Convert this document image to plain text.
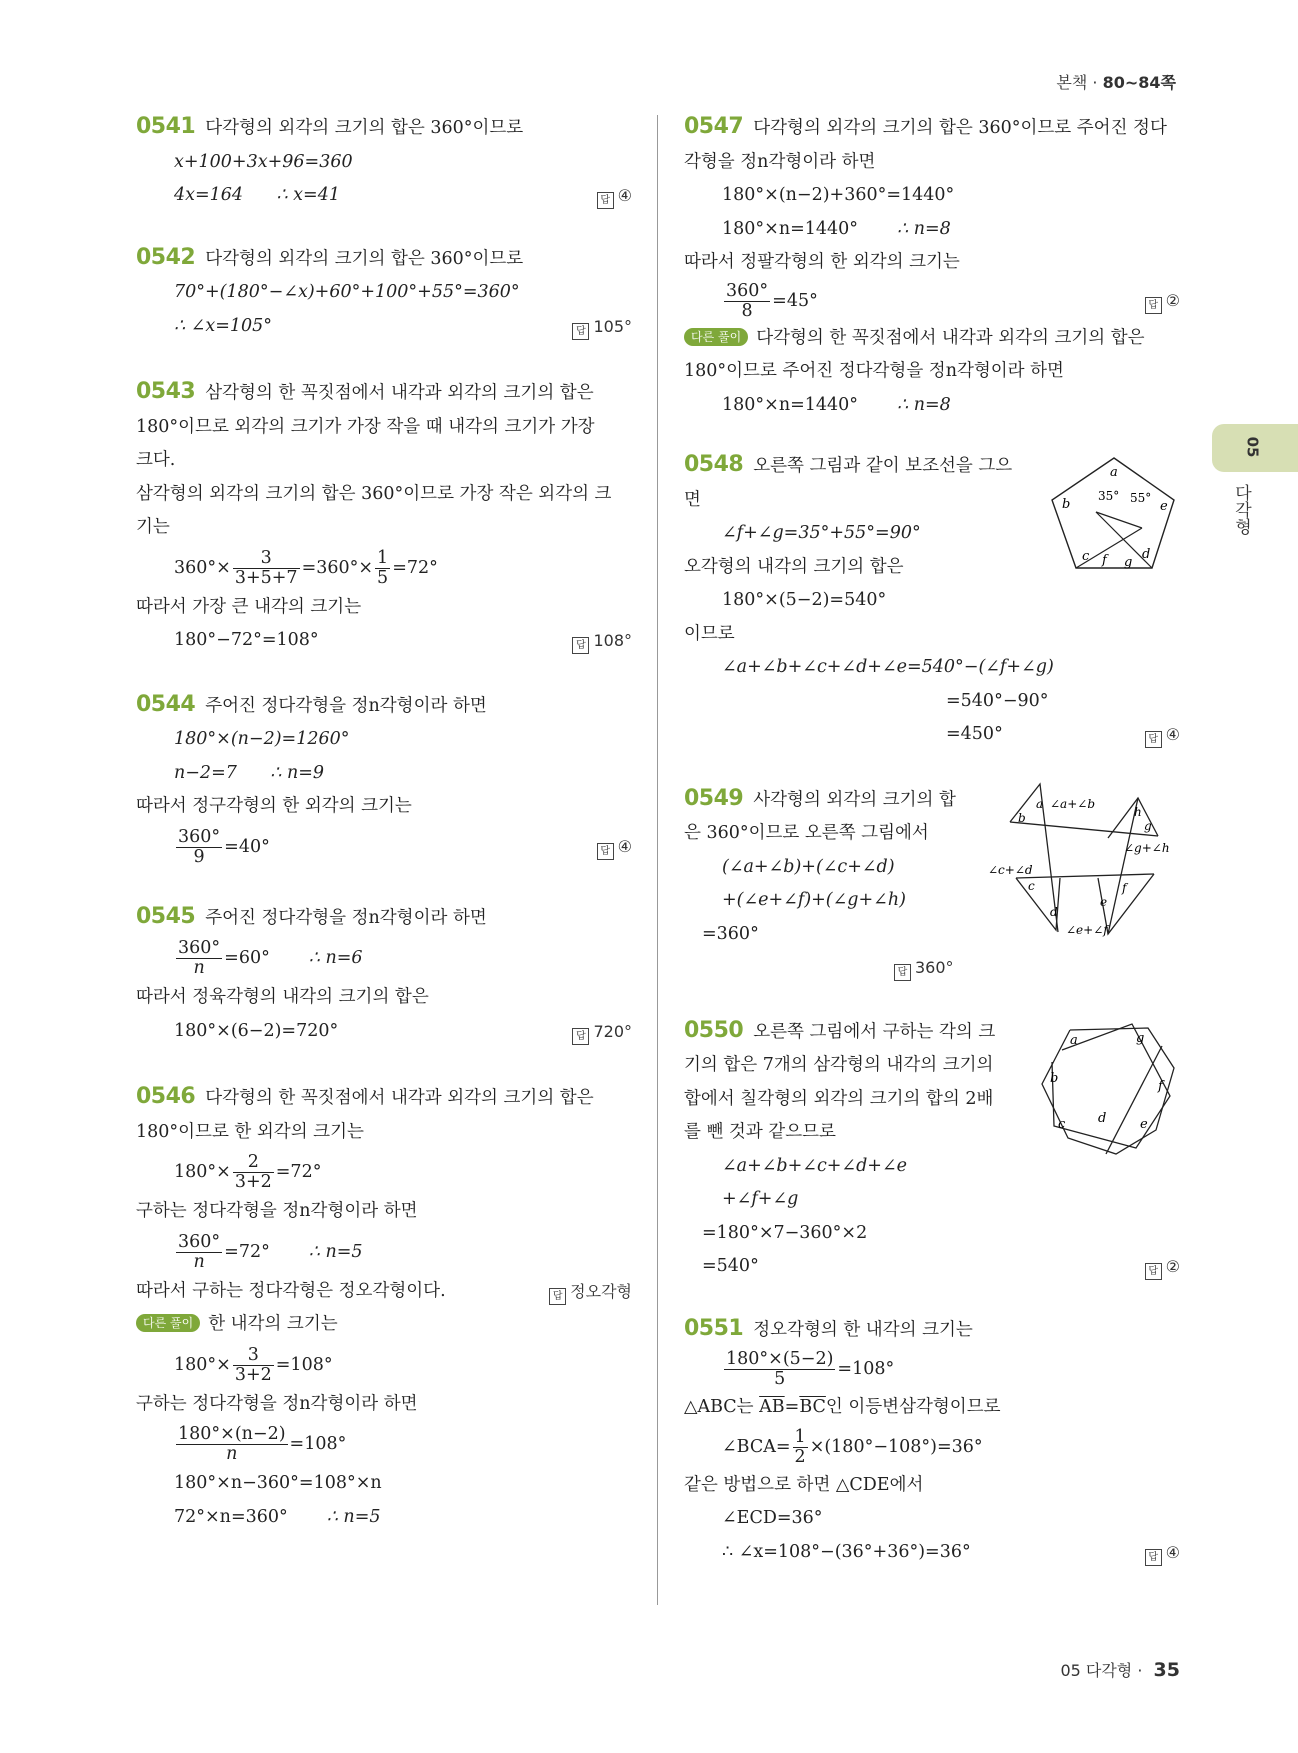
본책 · 80~84쪽
0541 다각형의 외각의 크기의 합은 360°이므로
x+100+3x+96=360
4x=164 ∴ x=41	답 ④
0542 다각형의 외각의 크기의 합은 360°이므로
70°+(180°−∠x)+60°+100°+55°=360°
∴ ∠x=105°	답 105°
0543 삼각형의 한 꼭짓점에서 내각과 외각의 크기의 합은
180°이므로 외각의 크기가 가장 작을 때 내각의 크기가 가장
크다.
삼각형의 외각의 크기의 합은 360°이므로 가장 작은 외각의 크
기는
$360^\circ\times \frac{3}{3+5+7} =360^\circ\times \frac{1}{5} =72^\circ$
따라서 가장 큰 내각의 크기는
180°−72°=108°	답 108°
0544 주어진 정다각형을 정n각형이라 하면
180°×(n−2)=1260°
n−2=7 ∴ n=9
따라서 정구각형의 한 외각의 크기는
$\frac{360^\circ}{9} =40^\circ$	답 ④
0545 주어진 정다각형을 정n각형이라 하면
$\frac{360^\circ}{n} =60^\circ$ ∴ n=6
따라서 정육각형의 내각의 크기의 합은
180°×(6−2)=720°	답 720°
0546 다각형의 한 꼭짓점에서 내각과 외각의 크기의 합은
180°이므로 한 외각의 크기는
$180^\circ\times \frac{2}{3+2} =72^\circ$
구하는 정다각형을 정n각형이라 하면
$\frac{360^\circ}{n} =72^\circ$ ∴ n=5
따라서 구하는 정다각형은 정오각형이다.	답 정오각형
다른 풀이 한 내각의 크기는
$180^\circ\times \frac{3}{3+2} =108^\circ$
구하는 정다각형을 정n각형이라 하면
$\frac{180^\circ\times(n-2)}{n} =108^\circ$
180°×n−360°=108°×n
72°×n=360° ∴ n=5
0547 다각형의 외각의 크기의 합은 360°이므로 주어진 정다
각형을 정n각형이라 하면
180°×(n−2)+360°=1440°
180°×n=1440° ∴ n=8
따라서 정팔각형의 한 외각의 크기는
$\frac{360^\circ}{8} =45^\circ$	답 ②
다른 풀이 다각형의 한 꼭짓점에서 내각과 외각의 크기의 합은
180°이므로 주어진 정다각형을 정n각형이라 하면
180°×n=1440° ∴ n=8
0548 오른쪽 그림과 같이 보조선을 그으
면
∠f+∠g=35°+55°=90°
오각형의 내각의 크기의 합은
180°×(5−2)=540°
이므로
∠a+∠b+∠c+∠d+∠e=540°−(∠f+∠g)
=540°−90°
=450°	답 ④
a
b
c	d
e
f g
35° 55°
0549 사각형의 외각의 크기의 합
은 360°이므로 오른쪽 그림에서
(∠a+∠b)+(∠c+∠d)
+(∠e+∠f)+(∠g+∠h)
=360°
답 360°
a
b
∠a+∠b
h
g
∠g+∠h
∠c+∠d
c
d
e
f
∠e+∠f
0550 오른쪽 그림에서 구하는 각의 크
기의 합은 7개의 삼각형의 내각의 크기의
합에서 칠각형의 외각의 크기의 합의 2배
를 뺀 것과 같으므로
∠a+∠b+∠c+∠d+∠e
+∠f+∠g
=180°×7−360°×2
=540°	답 ②
a
b
c	d	e
f
g
0551 정오각형의 한 내각의 크기는
$\frac{180^\circ\times(5-2)}{5} =108^\circ$
△ABC는 $\overline{AB}=\overline{BC}$인 이등변삼각형이므로
∠BCA= $\frac{1}{2} \times(180^\circ-108^\circ)=36^\circ$
같은 방법으로 하면 △CDE에서
∠ECD=36°
∴ ∠x=108°−(36°+36°)=36°	답 ④
05
다각형
05 다각형 · 35
